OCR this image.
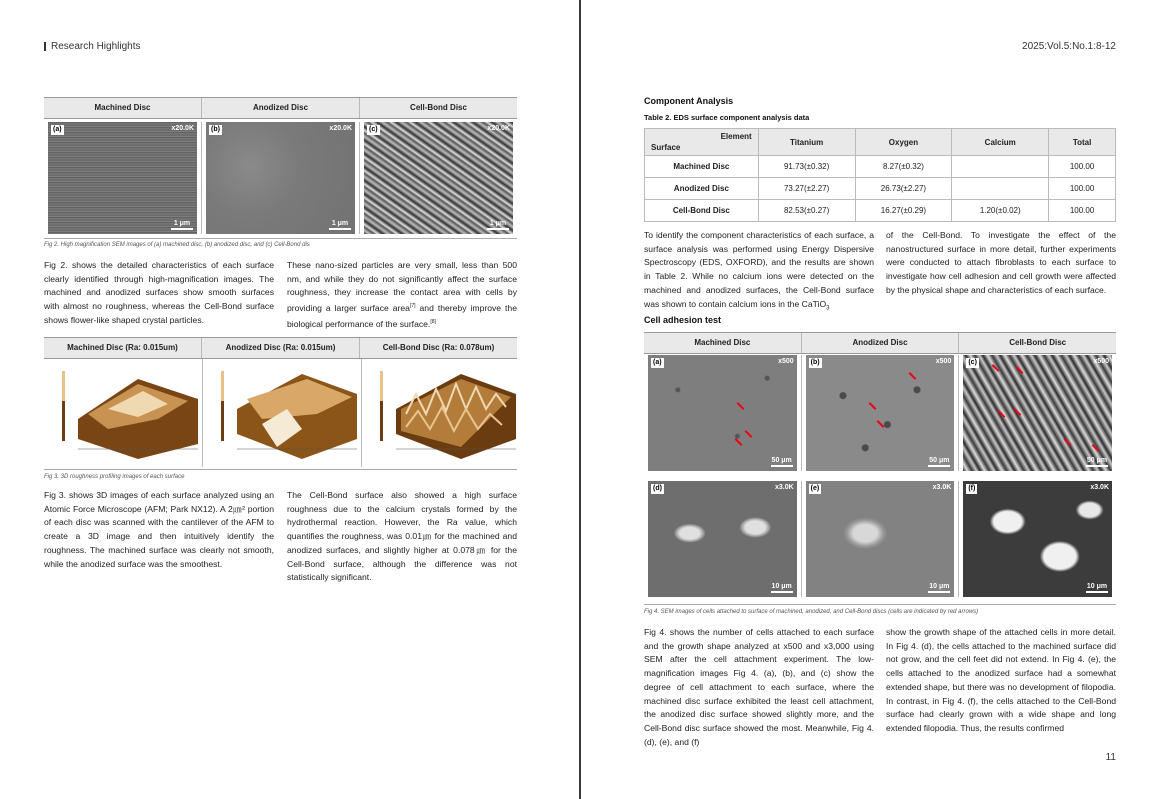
Research Highlights
Machined Disc	Anodized Disc	Cell-Bond Disc
(a)	x20.0K
1 μm
(b)	x20.0K
1 μm
(c)	x20.0K
1 μm
Fig 2. High magnification SEM images of (a) machined disc, (b) anodized disc, and (c) Cell-Bond dis
Fig 2. shows the detailed characteristics of each surface clearly identified through high-magnification images. The machined and anodized surfaces show smooth surfaces with almost no roughness, whereas the Cell-Bond surface shows flower-like shaped crystal particles.
These nano-sized particles are very small, less than 500 nm, and while they do not significantly affect the surface roughness, they increase the contact area with cells by providing a larger surface area[7] and thereby improve the biological performance of the surface.[8]
Machined Disc (Ra: 0.015um)	Anodized Disc (Ra: 0.015um)	Cell-Bond Disc (Ra: 0.078um)
Fig 3. 3D roughness profiling images of each surface
Fig 3. shows 3D images of each surface analyzed using an Atomic Force Microscope (AFM; Park NX12). A 2㎛² portion of each disc was scanned with the cantilever of the AFM to create a 3D image and then intuitively identify the roughness. The machined surface was clearly not smooth, while the anodized surface was the smoothest.
The Cell-Bond surface also showed a high surface roughness due to the calcium crystals formed by the hydrothermal reaction. However, the Ra value, which quantifies the roughness, was 0.01㎛ for the machined and anodized surfaces, and slightly higher at 0.078㎛ for the Cell-Bond surface, although the difference was not statistically significant.
2025:Vol.5:No.1:8-12
Component Analysis
Table 2. EDS surface component analysis data
Element
Surface	Titanium	Oxygen	Calcium	Total
Machined Disc	91.73(±0.32)	8.27(±0.32)		100.00
Anodized Disc	73.27(±2.27)	26.73(±2.27)		100.00
Cell-Bond Disc	82.53(±0.27)	16.27(±0.29)	1.20(±0.02)	100.00
To identify the component characteristics of each surface, a surface analysis was performed using Energy Dispersive Spectroscopy (EDS, OXFORD), and the results are shown in Table 2. While no calcium ions were detected on the machined and anodized surfaces, the Cell-Bond surface was shown to contain calcium ions in the CaTiO$_3$
of the Cell-Bond. To investigate the effect of the nanostructured surface in more detail, further experiments were conducted to attach fibroblasts to each surface to investigate how cell adhesion and cell growth were affected by the physical shape and characteristics of each surface.
Cell adhesion test
Machined Disc	Anodized Disc	Cell-Bond Disc
(a)	x500
50 μm
(b)	x500
50 μm
(c)	x500
50 μm
(d)	x3.0K
10 μm
(e)	x3.0K
10 μm
(f)	x3.0K
10 μm
Fig 4. SEM images of cells attached to surface of machined, anodized, and Cell-Bond discs (cells are indicated by red arrows)
Fig 4. shows the number of cells attached to each surface and the growth shape analyzed at x500 and x3,000 using SEM after the cell attachment experiment. The low-magnification images Fig 4. (a), (b), and (c) show the degree of cell attachment to each surface, where the machined disc surface exhibited the least cell attachment, the anodized disc surface showed slightly more, and the Cell-Bond disc surface showed the most. Meanwhile, Fig 4. (d), (e), and (f)
show the growth shape of the attached cells in more detail. In Fig 4. (d), the cells attached to the machined surface did not grow, and the cell feet did not extend. In Fig 4. (e), the cells attached to the anodized surface had a somewhat extended shape, but there was no development of filopodia. In contrast, in Fig 4. (f), the cells attached to the Cell-Bond surface had clearly grown with a wide shape and long extended filopodia. Thus, the results confirmed
11
